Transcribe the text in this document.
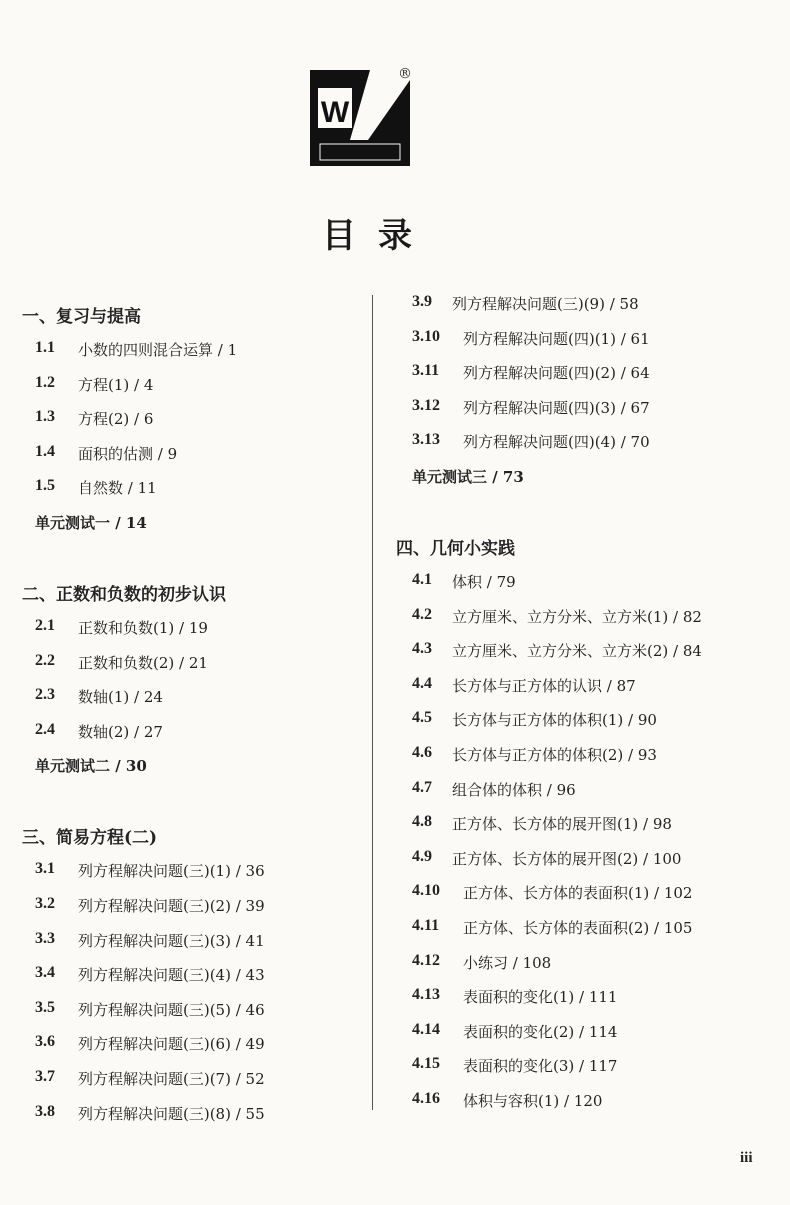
W
®
目录
一、复习与提高
1.1 小数的四则混合运算 / 1
1.2 方程(1) / 4
1.3 方程(2) / 6
1.4 面积的估测 / 9
1.5 自然数 / 11
单元测试一 / 14
二、正数和负数的初步认识
2.1 正数和负数(1) / 19
2.2 正数和负数(2) / 21
2.3 数轴(1) / 24
2.4 数轴(2) / 27
单元测试二 / 30
三、简易方程(二)
3.1 列方程解决问题(三)(1) / 36
3.2 列方程解决问题(三)(2) / 39
3.3 列方程解决问题(三)(3) / 41
3.4 列方程解决问题(三)(4) / 43
3.5 列方程解决问题(三)(5) / 46
3.6 列方程解决问题(三)(6) / 49
3.7 列方程解决问题(三)(7) / 52
3.8 列方程解决问题(三)(8) / 55
3.9 列方程解决问题(三)(9) / 58
3.10 列方程解决问题(四)(1) / 61
3.11 列方程解决问题(四)(2) / 64
3.12 列方程解决问题(四)(3) / 67
3.13 列方程解决问题(四)(4) / 70
单元测试三 / 73
四、几何小实践
4.1 体积 / 79
4.2 立方厘米、立方分米、立方米(1) / 82
4.3 立方厘米、立方分米、立方米(2) / 84
4.4 长方体与正方体的认识 / 87
4.5 长方体与正方体的体积(1) / 90
4.6 长方体与正方体的体积(2) / 93
4.7 组合体的体积 / 96
4.8 正方体、长方体的展开图(1) / 98
4.9 正方体、长方体的展开图(2) / 100
4.10 正方体、长方体的表面积(1) / 102
4.11 正方体、长方体的表面积(2) / 105
4.12 小练习 / 108
4.13 表面积的变化(1) / 111
4.14 表面积的变化(2) / 114
4.15 表面积的变化(3) / 117
4.16 体积与容积(1) / 120
iii
